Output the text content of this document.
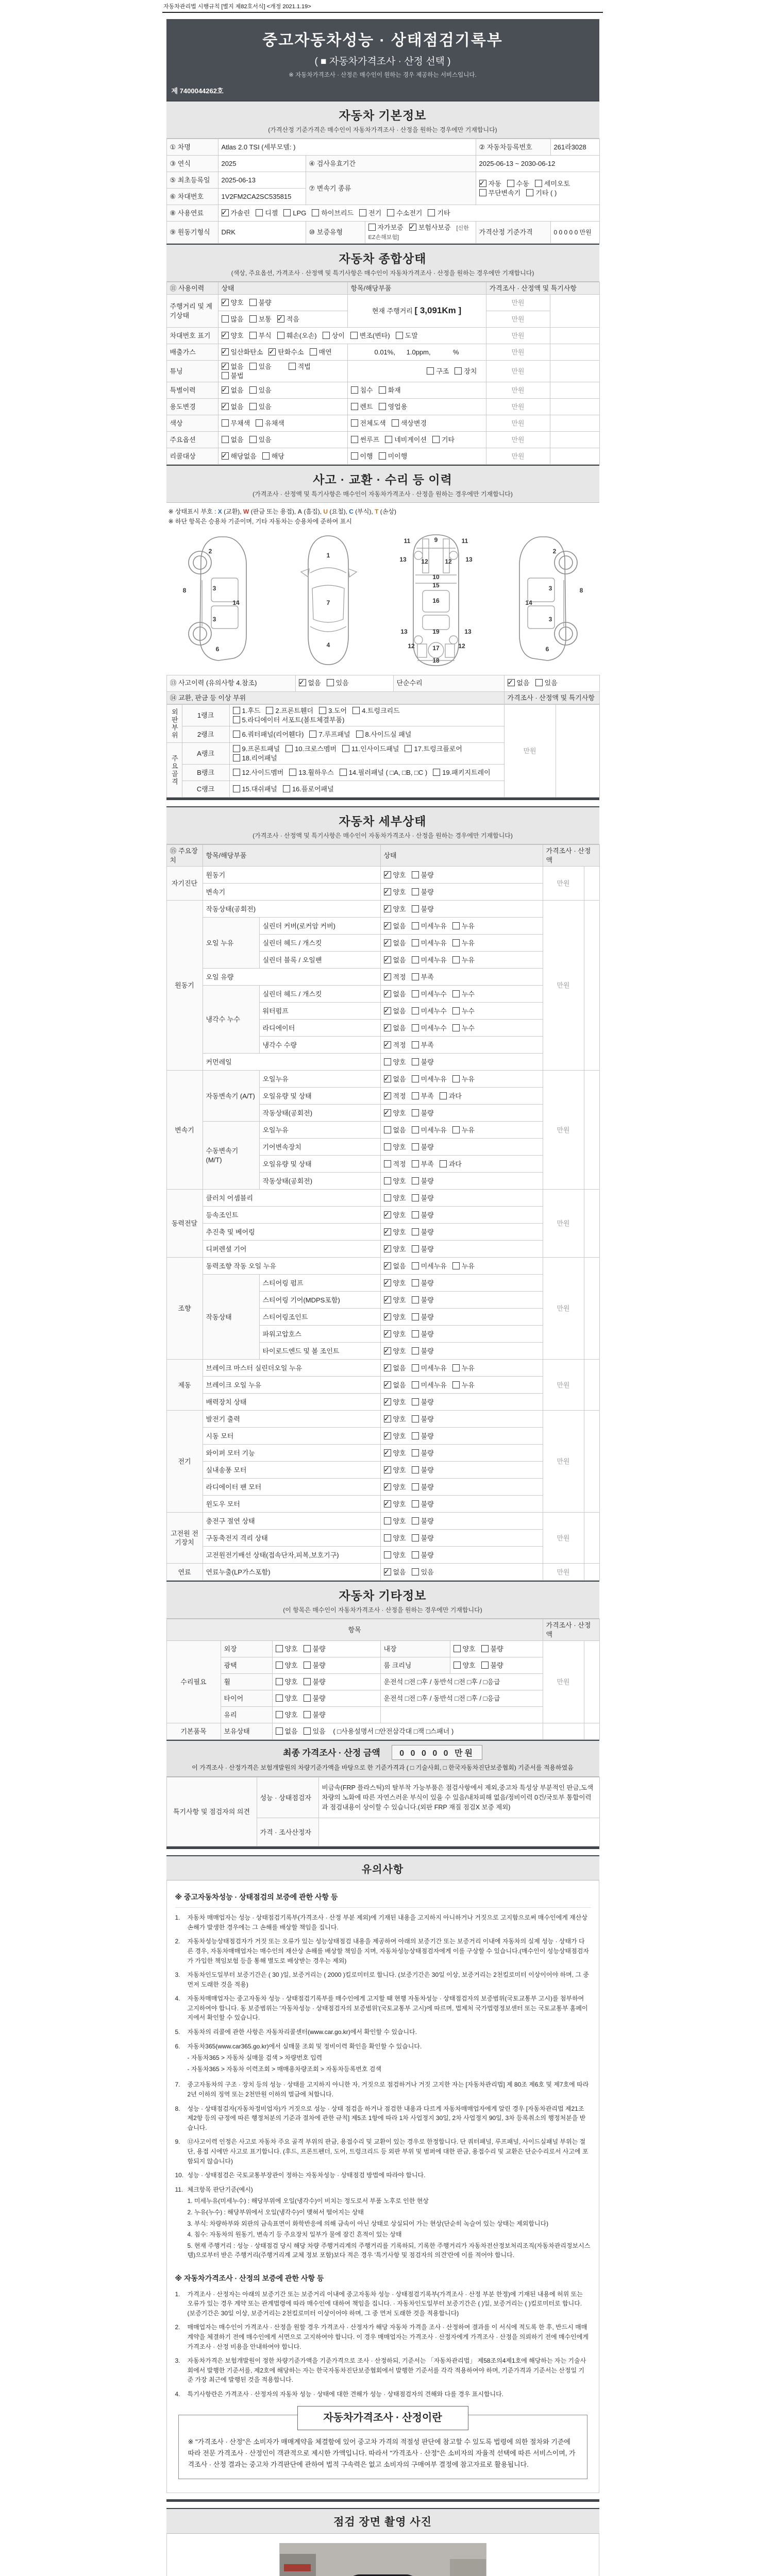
자동차관리법 시행규칙 [별지 제82호서식] <개정 2021.1.19>
중고자동차성능 · 상태점검기록부
( ■ 자동차가격조사 · 산정 선택 )
※ 자동차가격조사 · 산정은 매수인이 원하는 경우 제공하는 서비스입니다.
제 7400044262호
자동차 기본정보
(가격산정 기준가격은 매수인이 자동차가격조사 · 산정을 원하는 경우에만 기재합니다)
① 차명	Atlas 2.0 TSI (세부모델: )			② 자동차등록번호	261라3028
③ 연식	2025	④ 검사유효기간		2025-06-13 ~ 2030-06-12	
⑤ 최초등록일	2025-06-13	⑦ 변속기 종류	✓자동 수동 세미오토무단변속기 기타 ( )
⑥ 차대번호	1V2FM2CA2SC535815				
⑧ 사용연료	✓가솔린 디젤 LPG 하이브리드 전기 수소전기 기타
⑨ 원동기형식	DRK	⑩ 보증유형	자가보증 ✓ 보험사보증 [신한EZ손해보험]	가격산정 기준가격	0 0 0 0 0 만원
자동차 종합상태
(색상, 주요옵션, 가격조사 · 산정액 및 특기사항은 매수인이 자동차가격조사 · 산정을 원하는 경우에만 기재합니다)
⑪ 사용이력	상태	항목/해당부품	가격조사 · 산정액 및 특기사항	
주행거리 및 계기상태	✓양호 불량	현재 주행거리 [ 3,091Km ]	만원	
	많음 보통 ✓ 적음		만원	
차대번호 표기	✓양호 부식 훼손(오손) 상이 변조(변타) 도말		만원	
배출가스	✓일산화탄소 ✓ 탄화수소 매연	0.01%,      1.0ppm,            %	만원	
튜닝	✓없음 있음 적법불법	구조 장치	만원	
특별이력	✓없음 있음	침수 화재	만원	
용도변경	✓없음 있음	렌트 영업용	만원	
색상	무채색 유채색	전체도색 색상변경	만원	
주요옵션	없음 있음	썬루프 네비게이션 기타	만원	
리콜대상	✓해당없음 해당	이행 미이행	만원	
사고 · 교환 · 수리 등 이력
(가격조사 · 산정액 및 특기사항은 매수인이 자동차가격조사 · 산정을 원하는 경우에만 기재합니다)
※ 상태표시 부호 : X (교환), W (판금 또는 용접), A (흠집), U (요철), C (부식), T (손상)
※ 하단 항목은 승용차 기준이며, 기타 자동차는 승용차에 준하여 표시
2
8	3
14
3
6
1
7
4
11	9	11
13 12	12 13
10
15
16
13	19	13
12	17	12
18
2
3	8
14
3
6
⑬ 사고이력 (유의사항 4.참조)	✓없음 있음	단순수리	✓없음 있음
⑭ 교환, 판금 등 이상 부위			가격조사 · 산정액 및 특기사항
외판부위	1랭크	1.후드 2.프론트휀더 3.도어 4.트렁크리드5.라디에이터 서포트(볼트체결부품)	만원	
	2랭크	6.쿼터패널(리어휀다) 7.루프패널 8.사이드실 패널		
주요골격	A랭크	9.프론트패널 10.크로스멤버 11.인사이드패널 17.트렁크플로어18.리어패널		
	B랭크	12.사이드멤버 13.휠하우스 14.필러패널 ( □A, □B, □C ) 19.패키지트레이		
	C랭크	15.대쉬패널 16.플로어패널		
자동차 세부상태
(가격조사 · 산정액 및 특기사항은 매수인이 자동차가격조사 · 산정을 원하는 경우에만 기재합니다)
⑮ 주요장치	항목/해당부품		상태	가격조사 · 산정액	
자기진단	원동기	✓양호 불량	만원	
	변속기	✓양호 불량
원동기	작동상태(공회전)	✓양호 불량	만원	
	오일 누유	실린더 커버(로커암 커버)	✓없음 미세누유 누유
		실린더 헤드 / 개스킷	✓없음 미세누유 누유
		실린더 블록 / 오일팬	✓없음 미세누유 누유
	오일 유량	✓적정 부족
	냉각수 누수	실린더 헤드 / 개스킷	✓없음 미세누수 누수
		워터펌프	✓없음 미세누수 누수
		라디에이터	✓없음 미세누수 누수
		냉각수 수량	✓적정 부족
	커먼레일		양호 불량		
변속기	자동변속기 (A/T)	오일누유	✓없음 미세누유 누유	만원	
		오일유량 및 상태	✓적정 부족 과다
		작동상태(공회전)	✓양호 불량
	수동변속기 (M/T)	오일누유	없음 미세누유 누유		
		기어변속장치	양호 불량		
		오일유량 및 상태	적정 부족 과다		
		작동상태(공회전)	양호 불량		
동력전달	클러치 어셈블리		양호 불량	만원	
	등속조인트	✓양호 불량
	추진축 및 베어링	✓양호 불량
	디퍼렌셜 기어	✓양호 불량
조향	동력조향 작동 오일 누유	✓없음 미세누유 누유	만원	
	작동상태	스티어링 펌프	✓양호 불량
		스티어링 기어(MDPS포함)	✓양호 불량
		스티어링조인트	✓양호 불량
		파워고압호스	✓양호 불량
		타이로드엔드 및 볼 조인트	✓양호 불량
제동	브레이크 마스터 실린더오일 누유	✓없음 미세누유 누유	만원	
	브레이크 오일 누유	✓없음 미세누유 누유
	배력장치 상태	✓양호 불량
전기	발전기 출력	✓양호 불량	만원	
	시동 모터	✓양호 불량
	와이퍼 모터 기능	✓양호 불량
	실내송풍 모터	✓양호 불량
	라디에이터 팬 모터	✓양호 불량
	윈도우 모터	✓양호 불량
고전원 전기장치	충전구 절연 상태		양호 불량	만원	
	구동축전지 격리 상태		양호 불량		
	고전원전기배선 상태(접속단자,피복,보호기구)		양호 불량		
연료	연료누출(LP가스포함)	✓없음 있음	만원	
자동차 기타정보
(이 항목은 매수인이 자동차가격조사 · 산정을 원하는 경우에만 기재합니다)
항목					가격조사 · 산정액	
수리필요	외장	양호 불량	내장	양호 불량	만원	
	광택	양호 불량	룸 크리닝	양호 불량		
	휠	양호 불량	운전석 □전 □후 / 동반석 □전 □후 / □응급			
	타이어	양호 불량	운전석 □전 □후 / 동반석 □전 □후 / □응급			
	유리	양호 불량				
기본품목	보유상태	없음 있음 ( □사용설명서 □안전삼각대 □잭 □스패너 )				
최종 가격조사 · 산정 금액 0 0 0 0 0 만원
이 가격조사 · 산정가격은 보험개발원의 차량기준가액을 바탕으로 한 기준가격과 ( □ 기술사회, □ 한국자동차진단보증협회) 기준서를 적용하였음
특기사항 및 점검자의 의견	성능 · 상태점검자	비금속(FRP 플라스틱)의 탈부착 가능부품은 점검사항에서 제외,중고차 특성상 부분적인 판금,도색차량의 노화에 따른 자연스러운 부식이 있을 수 있음/내차피해 없음/정비이력 0건/국토부 통합이력과 점검내용이 상이할 수 있습니다.(외판 FRP 재질 점검X 보증 제외)
	가격 · 조사산정자	
유의사항
※ 중고자동차성능 · 상태점검의 보증에 관한 사항 등
1.	자동차 매매업자는 성능 · 상태점검기록부(가격조사 · 산정 부분 제외)에 기재된 내용을 고지하지 아니하거나 거짓으로 고지함으로써 매수인에게 재산상 손해가 발생한 경우에는 그 손해를 배상할 책임을 집니다.
2.	자동차성능상태점검자가 거짓 또는 오류가 있는 성능상태점검 내용을 제공하여 아래의 보증기간 또는 보증거리 이내에 자동차의 실제 성능 · 상태가 다른 경우, 자동차매매업자는 매수인의 재산상 손해를 배상할 책임을 지며, 자동차성능상태점검자에게 이를 구상할 수 있습니다.(매수인이 성능상태점검자가 가입한 책임보험 등을 통해 별도로 배상받는 경우는 제외)
3.	자동차인도일부터 보증기간은 ( 30 )일, 보증거리는 ( 2000 )킬로미터로 합니다. (보증기간은 30일 이상, 보증거리는 2천킬로미터 이상이어야 하며, 그 중 먼저 도래한 것을 적용)
4.	자동차매매업자는 중고자동차 성능 · 상태점검기록부를 매수인에게 고지할 때 현행 자동차성능 · 상태점검자의 보증범위(국토교통부 고시)를 첨부하여 고지하여야 합니다. 동 보증범위는 '자동차성능 · 상태점검자의 보증범위'(국토교통부 고시)에 따르며, 법제처 국가법령정보센터 또는 국토교통부 홈페이지에서 확인할 수 있습니다.
5.	자동차의 리콜에 관한 사항은 자동차리콜센터(www.car.go.kr)에서 확인할 수 있습니다.
6.	자동차365(www.car365.go.kr)에서 실매물 조회 및 정비이력 확인을 확인할 수 있습니다.
- 자동차365 > 자동차 실매물 검색 > 차량번호 입력
- 자동차365 > 자동차 이력조회 > 매매용차량조회 > 자동차등록번호 검색
7.	중고자동차의 구조 · 장치 등의 성능 · 상태를 고지하지 아니한 자, 거짓으로 점검하거나 거짓 고지한 자는 [자동차관리법] 제 80조 제6호 및 제7호에 따라 2년 이하의 징역 또는 2천만원 이하의 벌금에 처합니다.
8.	성능 · 상태점검자(자동차정비업자)가 거짓으로 성능 · 상태 점검을 하거나 점검한 내용과 다르게 자동차매매업자에게 알린 경우 [자동차관리법 제21조 제2항 등의 규정에 따른 행정처분의 기준과 절차에 관한 규칙] 제5조 1항에 따라 1차 사업정지 30일, 2차 사업정지 90일, 3차 등록취소의 행정처분을 받습니다.
9.	⑫사고이력 인정은 사고로 자동차 주요 골격 부위의 판금, 용접수리 및 교환이 있는 경우로 한정합니다. 단 쿼터패널, 루프패널, 사이드실패널 부위는 절단, 용접 시에만 사고로 표기합니다. (후드, 프론트펜더, 도어, 트렁크리드 등 외판 부위 및 범퍼에 대한 판금, 용접수리 및 교환은 단순수리로서 사고에 포함되지 않습니다)
10. 성능 · 상태점검은 국토교통부장관이 정하는 자동차성능 · 상태점검 방법에 따라야 합니다.
11. 체크항목 판단기준(예시)
1. 미세누유(미세누수) : 해당부위에 오일(냉각수)이 비치는 정도로서 부품 노후로 인한 현상
2. 누유(누수) : 해당부위에서 오일(냉각수)이 맺혀서 떨어지는 상태
3. 부식: 차량하부와 외판의 금속표면이 화학반응에 의해 금속이 아닌 상태로 상실되어 가는 현상(단순히 녹슬어 있는 상태는 제외합니다)
4. 침수: 자동차의 원동기, 변속기 등 주요장치 일부가 물에 잠긴 흔적이 있는 상태
5. 현재 주행거리 : 성능 · 상태점검 당시 해당 차량 주행거리계의 주행거리를 기록하되, 기록한 주행거리가 자동차전산정보처리조직(자동차관리정보시스템)으로부터 받은 주행거리(주행거리계 교체 정보 포함)보다 적은 경우 '특기사항 및 점검자의 의견'란에 이를 적어야 합니다.
※ 자동차가격조사 · 산정의 보증에 관한 사항 등
1.	가격조사 · 산정자는 아래의 보증기간 또는 보증거리 이내에 중고자동차 성능 · 상태점검기록부(가격조사 · 산정 부분 한정)에 기재된 내용에 허위 또는 오류가 있는 경우 계약 또는 관계법령에 따라 매수인에 대하여 책임을 집니다. · 자동차인도일부터 보증기간은 ( )일, 보증거리는 ( )킬로미터로 합니다. (보증기간은 30일 이상, 보증거리는 2천킬로미터 이상이어야 하며, 그 중 먼저 도래한 것을 적용합니다)
2.	매매업자는 매수인이 가격조사 · 산정을 원할 경우 가격조사 · 산정자가 해당 자동차 가격을 조사 · 산정하여 결과를 이 서식에 적도록 한 후, 반드시 매매계약을 체결하기 전에 매수인에게 서면으로 고지하여야 합니다. 이 경우 매매업자는 가격조사 · 산정자에게 가격조사 · 산정을 의뢰하기 전에 매수인에게 가격조사 · 산정 비용을 안내하여야 합니다.
3.	자동차가격은 보험개발원이 정한 차량기준가액을 기준가격으로 조사 · 산정하되, 기준서는 「자동차관리법」 제58조의4제1호에 해당하는 자는 기술사회에서 발행한 기준서를, 제2호에 해당하는 자는 한국자동차진단보증협회에서 발행한 기준서를 각각 적용하여야 하며, 기준가격과 기준서는 산정일 기준 가장 최근에 발행된 것을 적용합니다.
4.	특기사항란은 가격조사 · 산정자의 자동차 성능 · 상태에 대한 견해가 성능 · 상태점검자의 견해와 다를 경우 표시합니다.
자동차가격조사 · 산정이란
※ "가격조사 · 산정"은 소비자가 매매계약을 체결함에 있어 중고차 가격의 적절성 판단에 참고할 수 있도록 법령에 의한 절차와 기준에 따라 전문 가격조사 · 산정인이 객관적으로 제시한 가액입니다. 따라서 "가격조사 · 산정"은 소비자의 자율적 선택에 따른 서비스이며, 가격조사 · 산정 결과는 중고차 가격판단에 관하여 법적 구속력은 없고 소비자의 구매여부 결정에 참고자료로 활용됩니다.
점검 장면 촬영 사진
